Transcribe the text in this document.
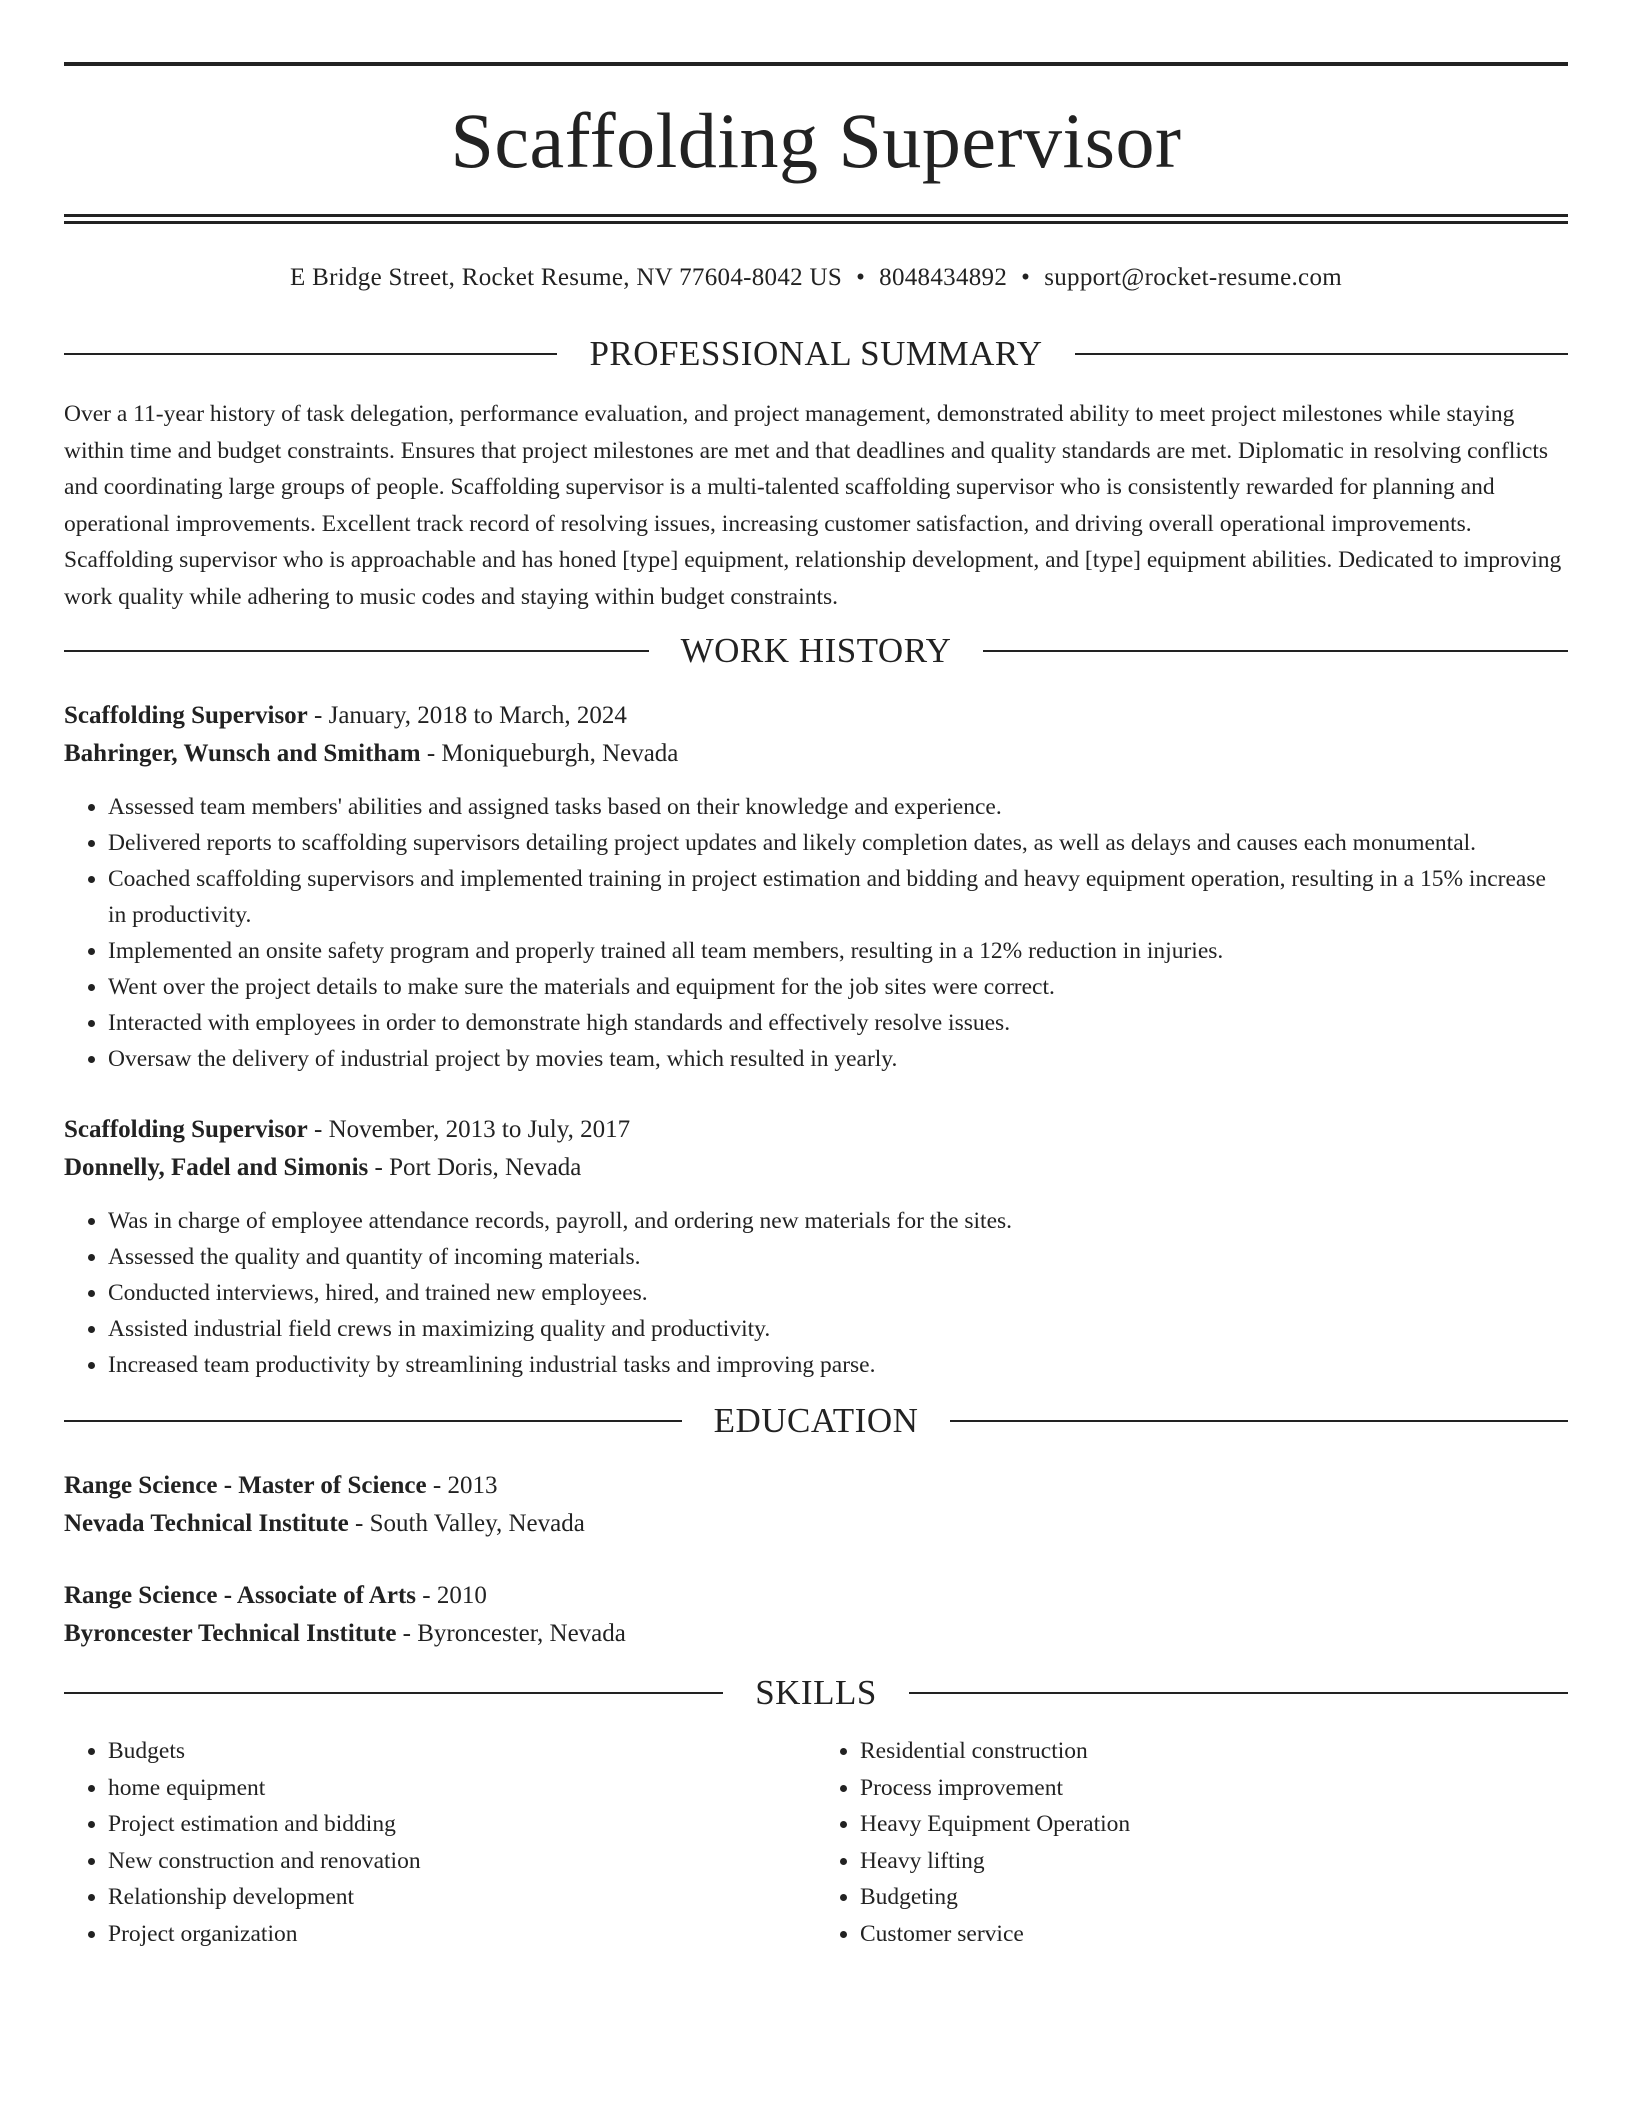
Scaffolding Supervisor
E Bridge Street, Rocket Resume, NV 77604-8042 US • 8048434892 • support@rocket-resume.com
PROFESSIONAL SUMMARY

Over a 11-year history of task delegation, performance evaluation, and project management, demonstrated ability to meet project milestones while staying within time and budget constraints. Ensures that project milestones are met and that deadlines and quality standards are met. Diplomatic in resolving conflicts and coordinating large groups of people. Scaffolding supervisor is a multi-talented scaffolding supervisor who is consistently rewarded for planning and operational improvements. Excellent track record of resolving issues, increasing customer satisfaction, and driving overall operational improvements. Scaffolding supervisor who is approachable and has honed [type] equipment, relationship development, and [type] equipment abilities. Dedicated to improving work quality while adhering to music codes and staying within budget constraints.

WORK HISTORY
Scaffolding Supervisor - January, 2018 to March, 2024
Bahringer, Wunsch and Smitham - Moniqueburgh, Nevada
• Assessed team members' abilities and assigned tasks based on their knowledge and experience.
• Delivered reports to scaffolding supervisors detailing project updates and likely completion dates, as well as delays and causes each monumental.
• Coached scaffolding supervisors and implemented training in project estimation and bidding and heavy equipment operation, resulting in a 15% increase in productivity.
• Implemented an onsite safety program and properly trained all team members, resulting in a 12% reduction in injuries.
• Went over the project details to make sure the materials and equipment for the job sites were correct.
• Interacted with employees in order to demonstrate high standards and effectively resolve issues.
• Oversaw the delivery of industrial project by movies team, which resulted in yearly.
Scaffolding Supervisor - November, 2013 to July, 2017
Donnelly, Fadel and Simonis - Port Doris, Nevada
• Was in charge of employee attendance records, payroll, and ordering new materials for the sites.
• Assessed the quality and quantity of incoming materials.
• Conducted interviews, hired, and trained new employees.
• Assisted industrial field crews in maximizing quality and productivity.
• Increased team productivity by streamlining industrial tasks and improving parse.
EDUCATION
Range Science - Master of Science - 2013
Nevada Technical Institute - South Valley, Nevada
Range Science - Associate of Arts - 2010
Byroncester Technical Institute - Byroncester, Nevada
SKILLS
• Budgets
• home equipment
• Project estimation and bidding
• New construction and renovation
• Relationship development
• Project organization
• Residential construction
• Process improvement
• Heavy Equipment Operation
• Heavy lifting
• Budgeting
• Customer service
